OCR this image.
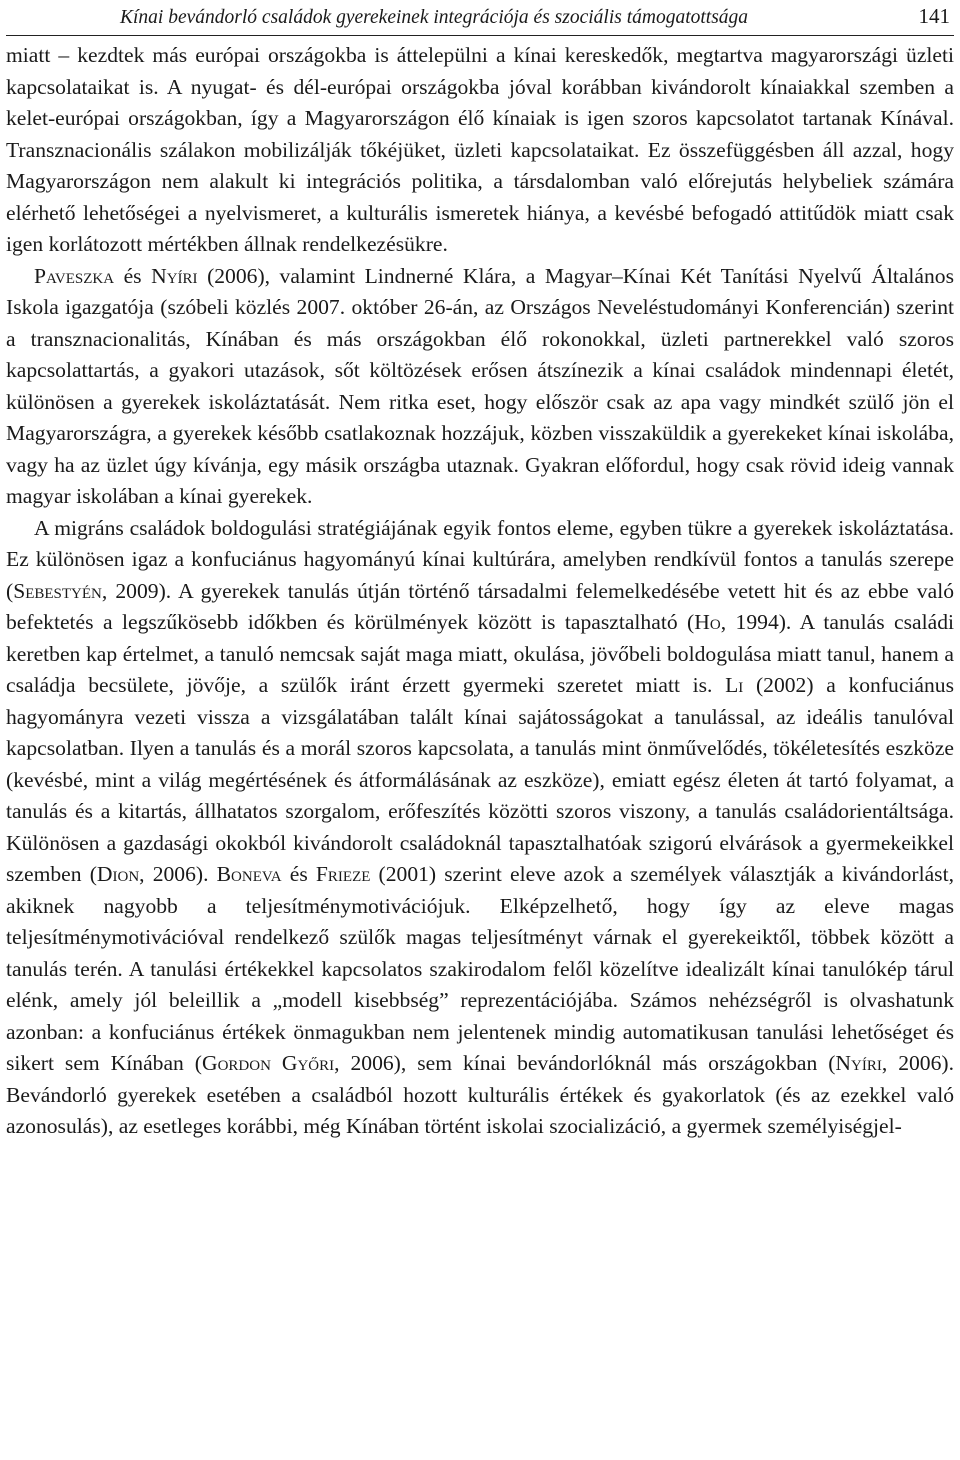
Kínai bevándorló családok gyerekeinek integrációja és szociális támogatottsága	141

miatt – kezdtek más európai országokba is áttelepülni a kínai kereskedők, megtartva magyarországi üzleti kapcsolataikat is. A nyugat- és dél-európai országokba jóval korábban kivándorolt kínaiakkal szemben a kelet-európai országokban, így a Magyarországon élő kínaiak is igen szoros kapcsolatot tartanak Kínával. Transznacionális szálakon mobilizálják tőkéjüket, üzleti kapcsolataikat. Ez összefüggésben áll azzal, hogy Magyarországon nem alakult ki integrációs politika, a társdalomban való előrejutás helybeliek számára elérhető lehetőségei a nyelvismeret, a kulturális ismeretek hiánya, a kevésbé befogadó attitűdök miatt csak igen korlátozott mértékben állnak rendelkezésükre.

Paveszka és Nyíri (2006), valamint Lindnerné Klára, a Magyar–Kínai Két Tanítási Nyelvű Általános Iskola igazgatója (szóbeli közlés 2007. október 26-án, az Országos Neveléstudományi Konferencián) szerint a transznacionalitás, Kínában és más országokban élő rokonokkal, üzleti partnerekkel való szoros kapcsolattartás, a gyakori utazások, sőt költözések erősen átszínezik a kínai családok mindennapi életét, különösen a gyerekek iskoláztatását. Nem ritka eset, hogy először csak az apa vagy mindkét szülő jön el Magyarországra, a gyerekek később csatlakoznak hozzájuk, közben visszaküldik a gyerekeket kínai iskolába, vagy ha az üzlet úgy kívánja, egy másik országba utaznak. Gyakran előfordul, hogy csak rövid ideig vannak magyar iskolában a kínai gyerekek.

A migráns családok boldogulási stratégiájának egyik fontos eleme, egyben tükre a gyerekek iskoláztatása. Ez különösen igaz a konfuciánus hagyományú kínai kultúrára, amelyben rendkívül fontos a tanulás szerepe (Sebestyén, 2009). A gyerekek tanulás útján történő társadalmi felemelkedésébe vetett hit és az ebbe való befektetés a legszűkösebb időkben és körülmények között is tapasztalható (Ho, 1994). A tanulás családi keretben kap értelmet, a tanuló nemcsak saját maga miatt, okulása, jövőbeli boldogulása miatt tanul, hanem a családja becsülete, jövője, a szülők iránt érzett gyermeki szeretet miatt is. Li (2002) a konfuciánus hagyományra vezeti vissza a vizsgálatában talált kínai sajátosságokat a tanulással, az ideális tanulóval kapcsolatban. Ilyen a tanulás és a morál szoros kapcsolata, a tanulás mint önművelődés, tökéletesítés eszköze (kevésbé, mint a világ megértésének és átformálásának az eszköze), emiatt egész életen át tartó folyamat, a tanulás és a kitartás, állhatatos szorgalom, erőfeszítés közötti szoros viszony, a tanulás családorientáltsága. Különösen a gazdasági okokból kivándorolt családoknál tapasztalhatóak szigorú elvárások a gyermekeikkel szemben (Dion, 2006). Boneva és Frieze (2001) szerint eleve azok a személyek választják a kivándorlást, akiknek nagyobb a teljesítménymotivációjuk. Elképzelhető, hogy így az eleve magas teljesítménymotivációval rendelkező szülők magas teljesítményt várnak el gyerekeiktől, többek között a tanulás terén. A tanulási értékekkel kapcsolatos szakirodalom felől közelítve idealizált kínai tanulókép tárul elénk, amely jól beleillik a „modell kisebbség” reprezentációjába. Számos nehézségről is olvashatunk azonban: a konfuciánus értékek önmagukban nem jelentenek mindig automatikusan tanulási lehetőséget és sikert sem Kínában (Gordon Győri, 2006), sem kínai bevándorlóknál más országokban (Nyíri, 2006). Bevándorló gyerekek esetében a családból hozott kulturális értékek és gyakorlatok (és az ezekkel való azonosulás), az esetleges korábbi, még Kínában történt iskolai szocializáció, a gyermek személyiségjel-
